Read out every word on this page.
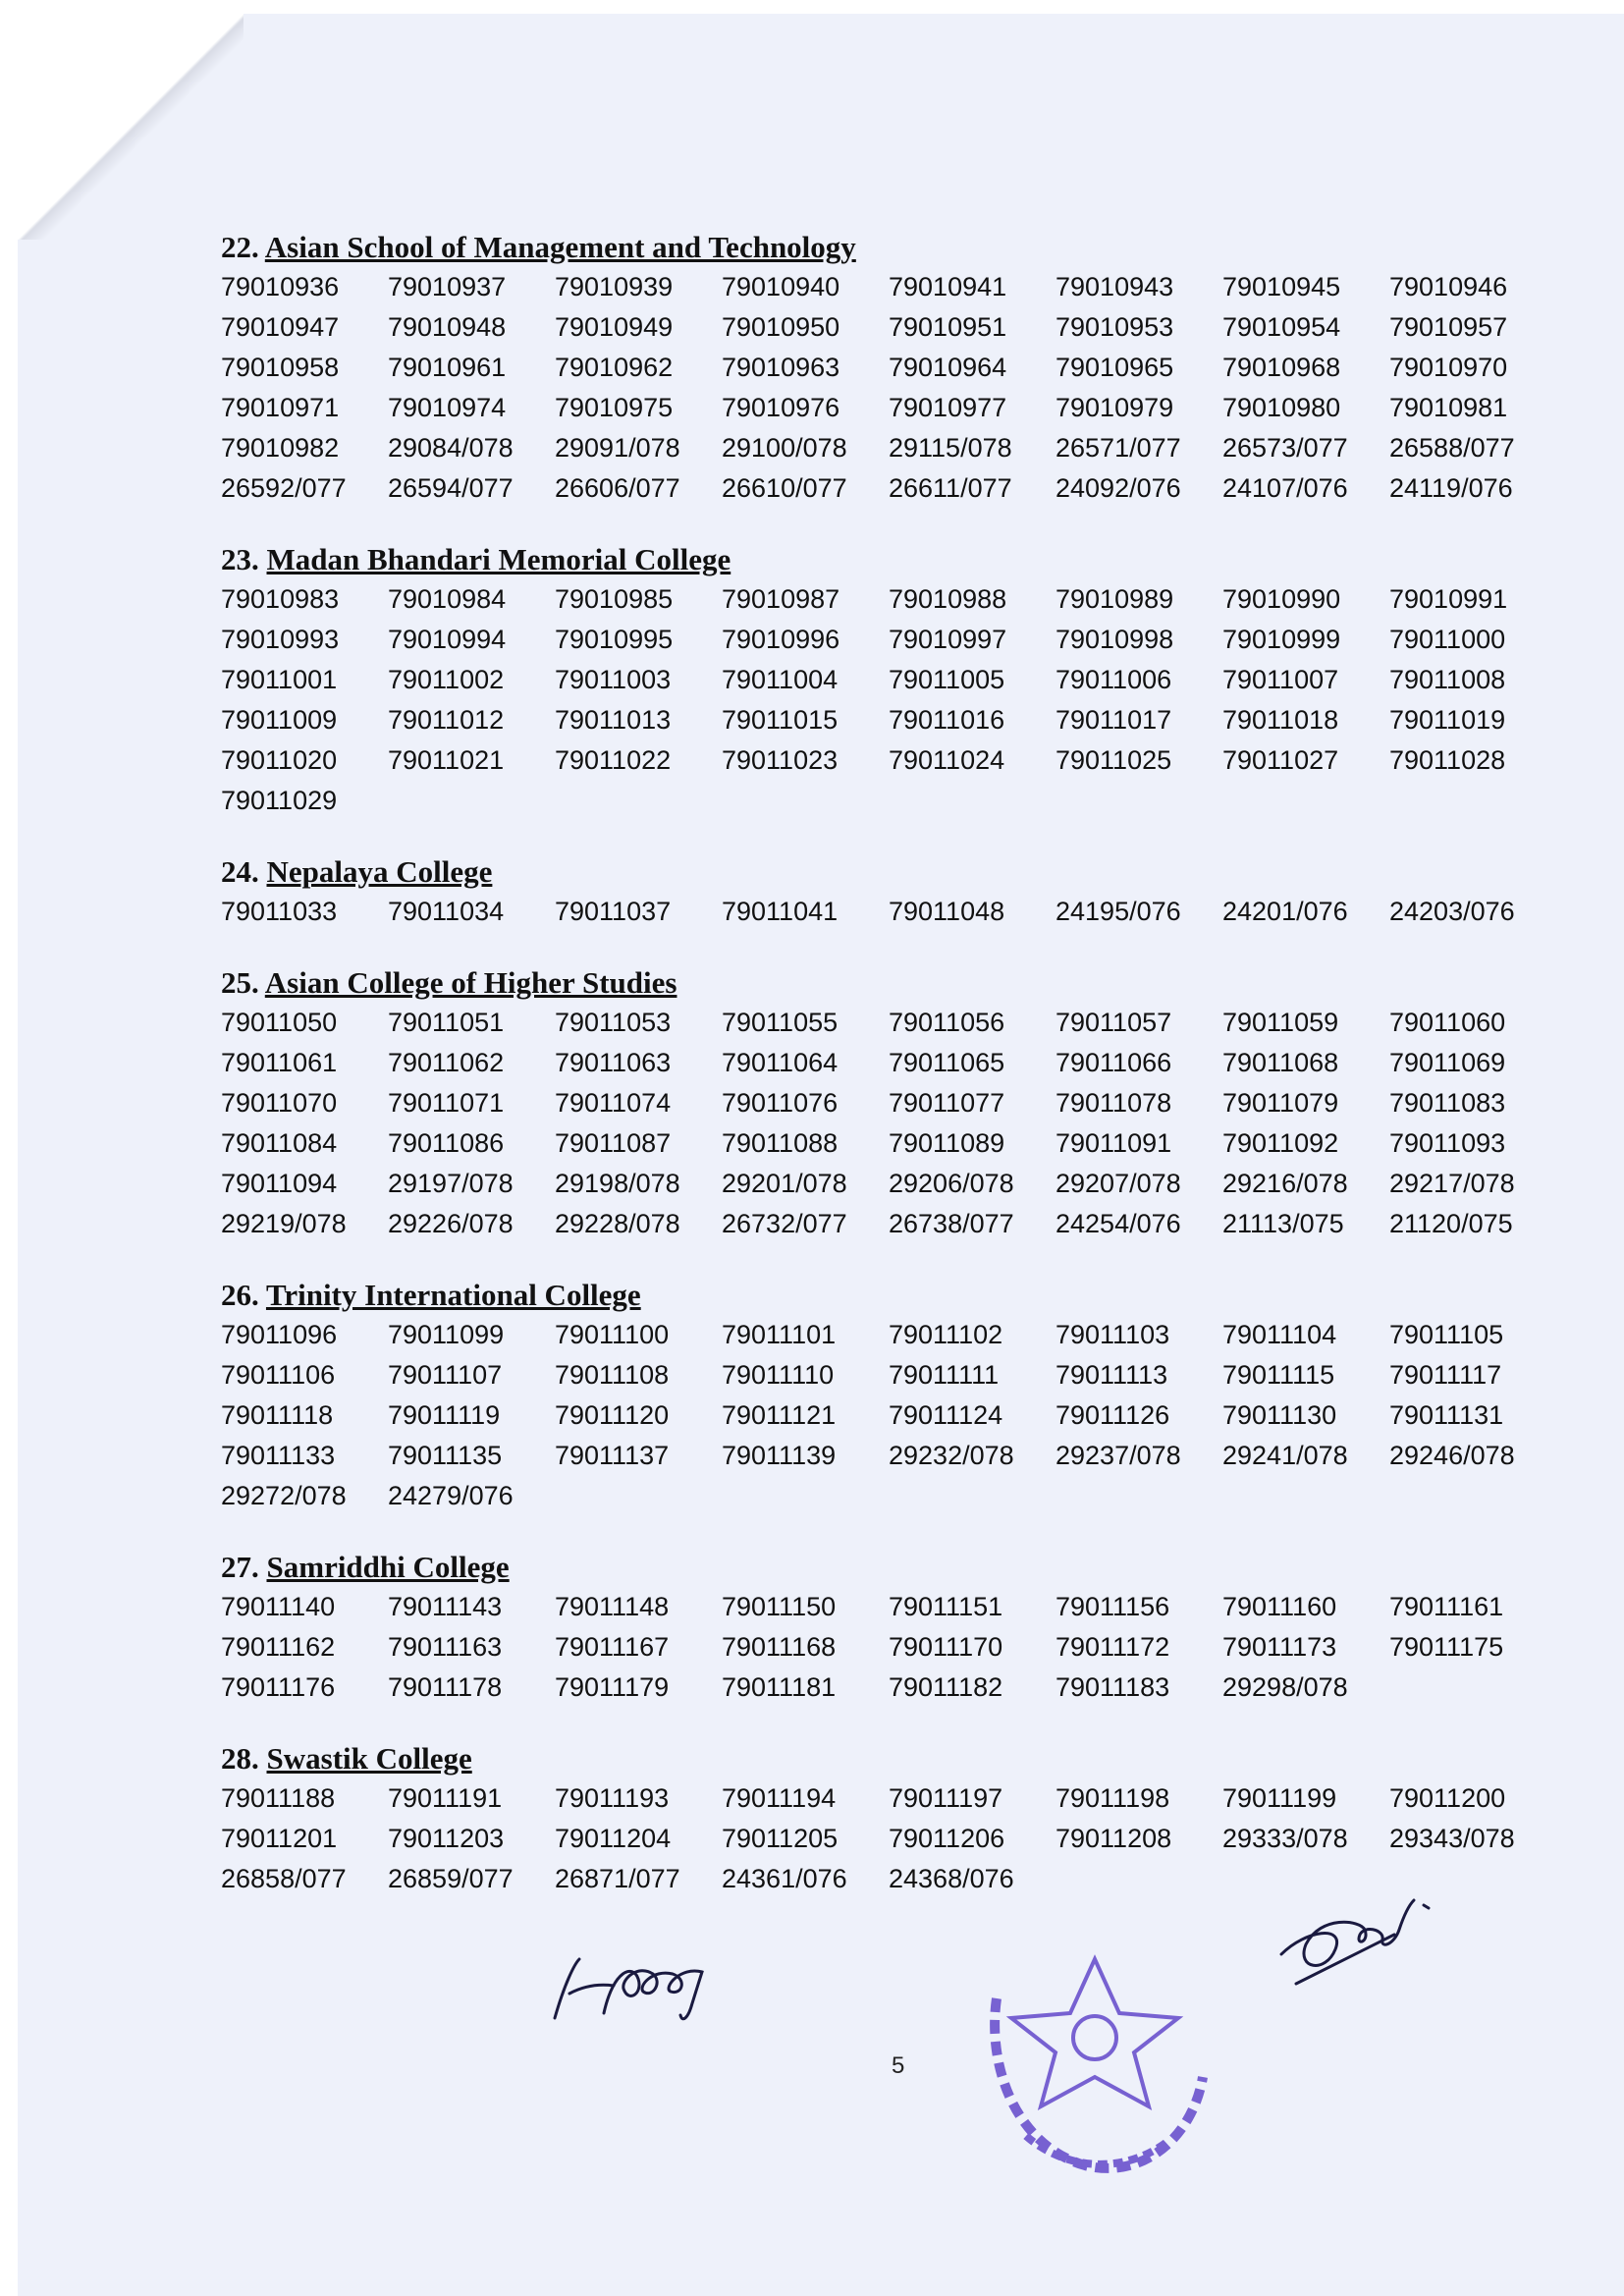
22. Asian School of Management and Technology
79010936	79010937	79010939	79010940	79010941	79010943	79010945	79010946
79010947	79010948	79010949	79010950	79010951	79010953	79010954	79010957
79010958	79010961	79010962	79010963	79010964	79010965	79010968	79010970
79010971	79010974	79010975	79010976	79010977	79010979	79010980	79010981
79010982	29084/078	29091/078	29100/078	29115/078	26571/077	26573/077	26588/077
26592/077	26594/077	26606/077	26610/077	26611/077	24092/076	24107/076	24119/076
23. Madan Bhandari Memorial College
79010983	79010984	79010985	79010987	79010988	79010989	79010990	79010991
79010993	79010994	79010995	79010996	79010997	79010998	79010999	79011000
79011001	79011002	79011003	79011004	79011005	79011006	79011007	79011008
79011009	79011012	79011013	79011015	79011016	79011017	79011018	79011019
79011020	79011021	79011022	79011023	79011024	79011025	79011027	79011028
79011029
24. Nepalaya College
79011033	79011034	79011037	79011041	79011048	24195/076	24201/076	24203/076
25. Asian College of Higher Studies
79011050	79011051	79011053	79011055	79011056	79011057	79011059	79011060
79011061	79011062	79011063	79011064	79011065	79011066	79011068	79011069
79011070	79011071	79011074	79011076	79011077	79011078	79011079	79011083
79011084	79011086	79011087	79011088	79011089	79011091	79011092	79011093
79011094	29197/078	29198/078	29201/078	29206/078	29207/078	29216/078	29217/078
29219/078	29226/078	29228/078	26732/077	26738/077	24254/076	21113/075	21120/075
26. Trinity International College
79011096	79011099	79011100	79011101	79011102	79011103	79011104	79011105
79011106	79011107	79011108	79011110	79011111	79011113	79011115	79011117
79011118	79011119	79011120	79011121	79011124	79011126	79011130	79011131
79011133	79011135	79011137	79011139	29232/078	29237/078	29241/078	29246/078
29272/078	24279/076
27. Samriddhi College
79011140	79011143	79011148	79011150	79011151	79011156	79011160	79011161
79011162	79011163	79011167	79011168	79011170	79011172	79011173	79011175
79011176	79011178	79011179	79011181	79011182	79011183	29298/078
28. Swastik College
79011188	79011191	79011193	79011194	79011197	79011198	79011199	79011200
79011201	79011203	79011204	79011205	79011206	79011208	29333/078	29343/078
26858/077	26859/077	26871/077	24361/076	24368/076
5
